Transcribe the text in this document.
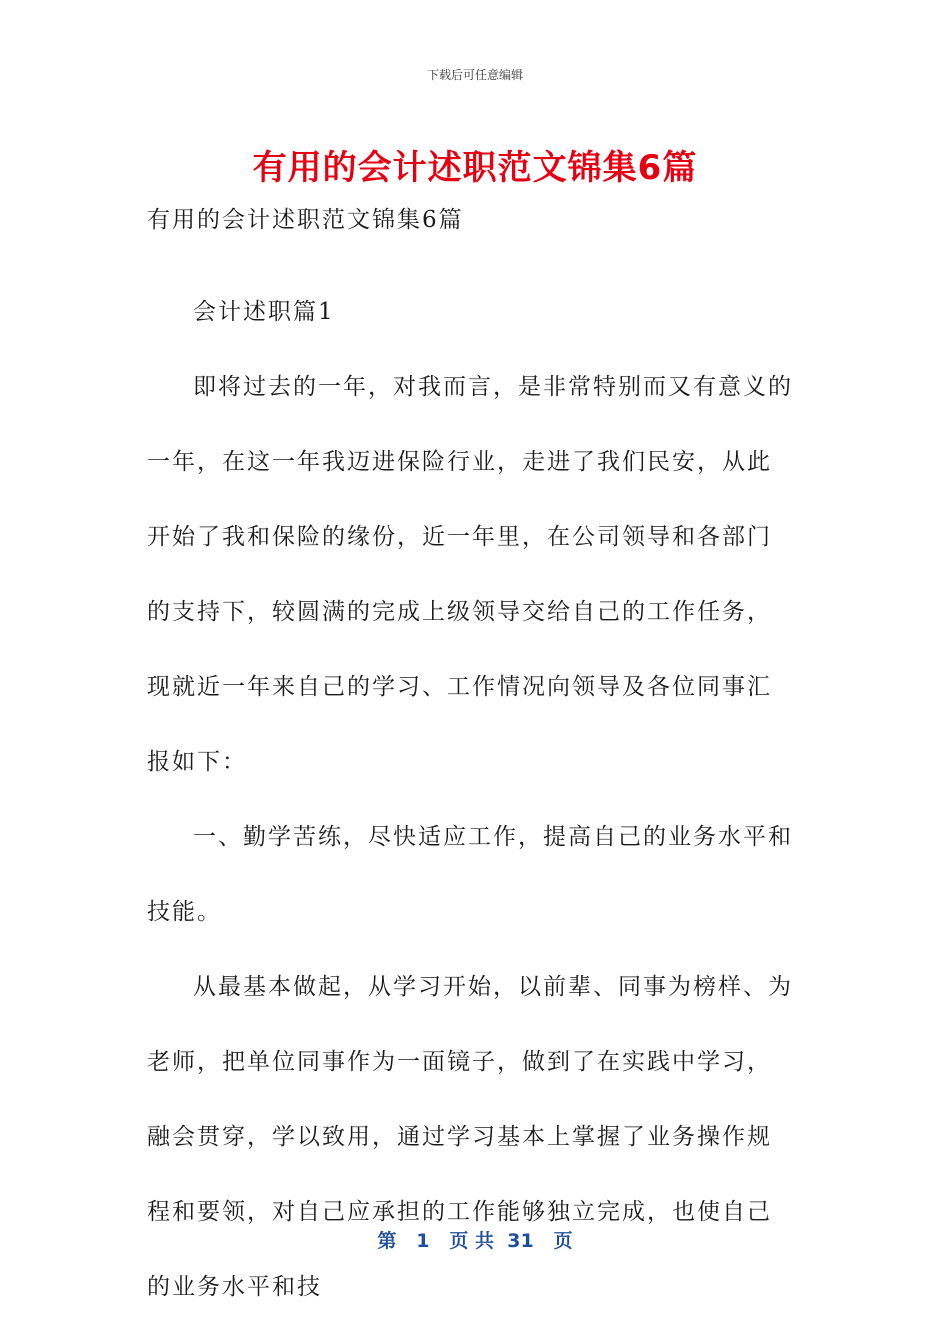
下载后可任意编辑
有用的会计述职范文锦集6篇

有用的会计述职范文锦集6篇

会计述职篇1

即将过去的一年，对我而言，是非常特别而又有意义的一年，在这一年我迈进保险行业，走进了我们民安，从此开始了我和保险的缘份，近一年里，在公司领导和各部门的支持下，较圆满的完成上级领导交给自己的工作任务，现就近一年来自己的学习、工作情况向领导及各位同事汇报如下：

一、勤学苦练，尽快适应工作，提高自己的业务水平和技能。

从最基本做起，从学习开始，以前辈、同事为榜样、为老师，把单位同事作为一面镜子，做到了在实践中学习，融会贯穿，学以致用，通过学习基本上掌握了业务操作规程和要领，对自己应承担的工作能够独立完成，也使自己的业务水平和技

第 1 页 共 31 页
